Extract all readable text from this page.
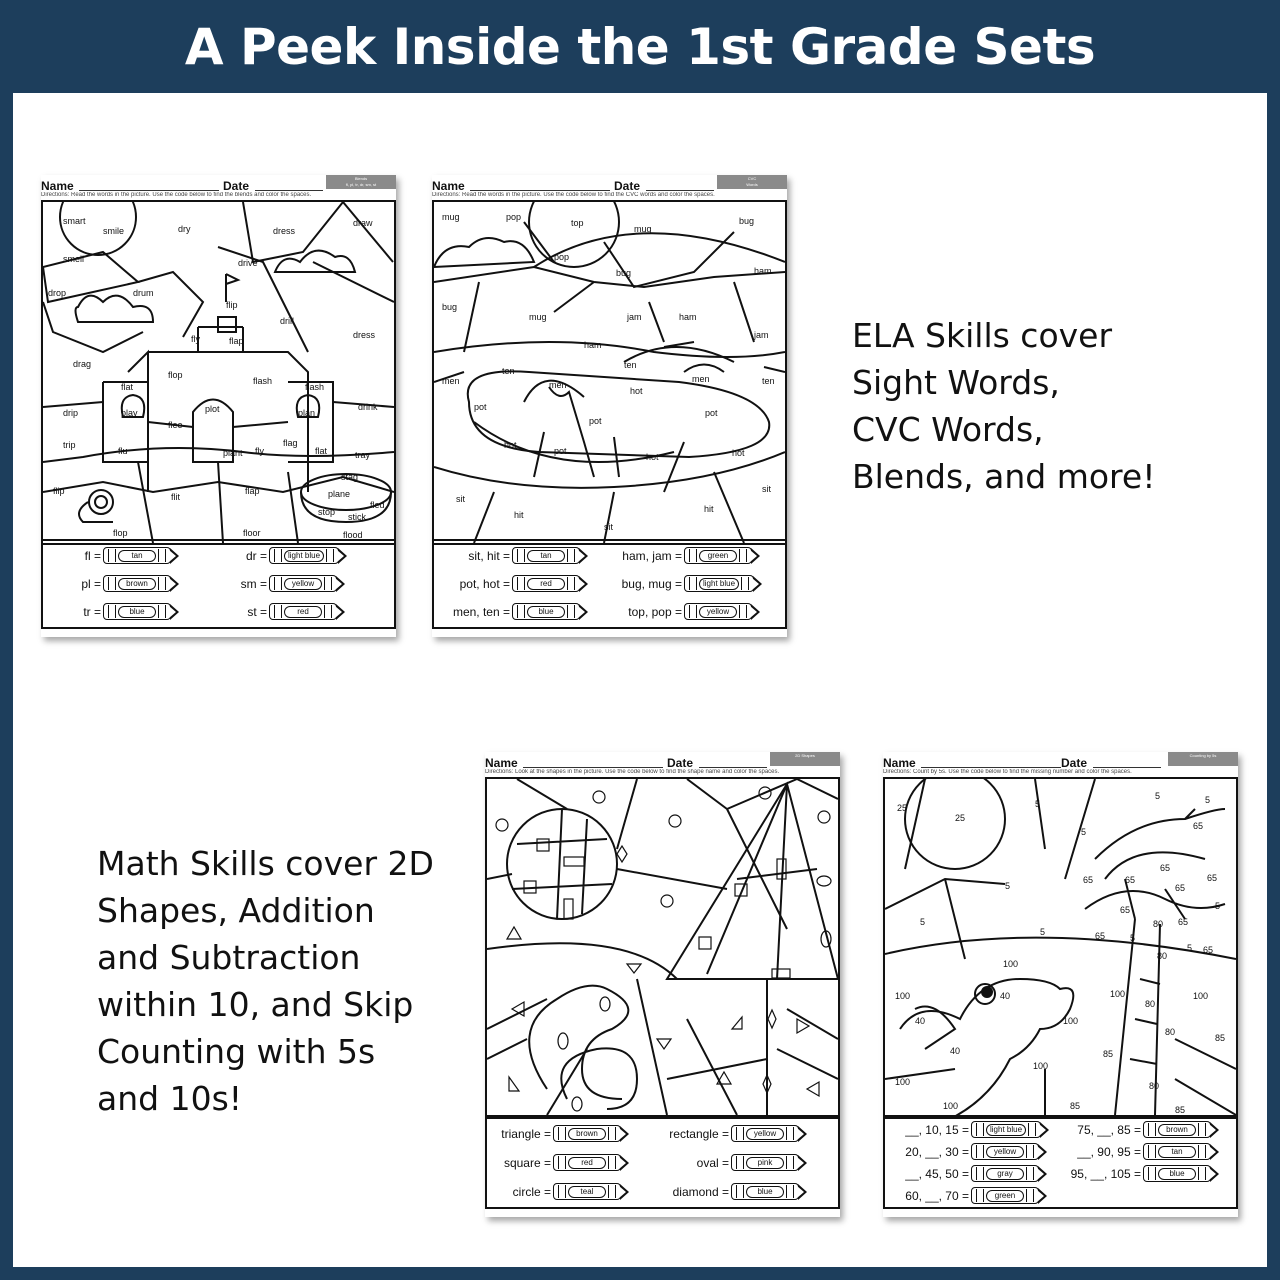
A Peek Inside the 1st Grade Sets
Name	Date
Blends
fl, pl, tr, dr, sm, st
Directions: Read the words in the picture. Use the code below to find the blends and color the spaces.
smart
smile	dry	dress
draw
smell	drive
drop	drum
flip
drill
fly	flap
dress
drag
flop
flash
flat	flash
drip	play	plot	plan
drink
flee
trip
flu	plant fly
flag
flat	tray
stag
plane
flip
flit
flap
fled
stop stick
flop	floor	flood
fl =	tan
pl =	brown
tr =	blue
dr =	light blue
sm =	yellow
st =	red
Name	Date
CVC
Words
Directions: Read the words in the picture. Use the code below to find the CVC words and color the spaces.
mug	pop
top
mug
bug
pop
bug	ham
bug
mug	jam	ham
jam
ham
ten
ten
men	men
men	ten
hot
pot
pot
pot
hot
pot
hot	hot
sit
sit
hit
hit
sit
sit, hit =	tan
pot, hot =	red
men, ten =	blue
ham, jam =	green
bug, mug =	light blue
top, pop =	yellow
ELA Skills cover
Sight Words,
CVC Words,
Blends, and more!
Math Skills cover 2D
Shapes, Addition
and Subtraction
within 10, and Skip
Counting with 5s
and 10s!
Name	Date
2D Shapes
Directions: Look at the shapes in the picture. Use the code below to find the shape name and color the spaces.
triangle =	brown
square =	red
circle =	teal
rectangle =	yellow
oval =	pink
diamond =	blue
Name	Date
Counting by 5s
Directions: Count by 5s. Use the code below to find the missing number and color the spaces.
25
25
5
5	5
65
5
5
65	65
65
65
65
5
65
65
5
5
65	5
80
5 65
100
80
100	40	100	100
80
40	100
80
85
40	85
100
100	80
100	85	85
__, 10, 15 =	light blue
20, __, 30 =	yellow
__, 45, 50 =	gray
60, __, 70 =	green
75, __, 85 =	brown
__, 90, 95 =	tan
95, __, 105 =	blue
